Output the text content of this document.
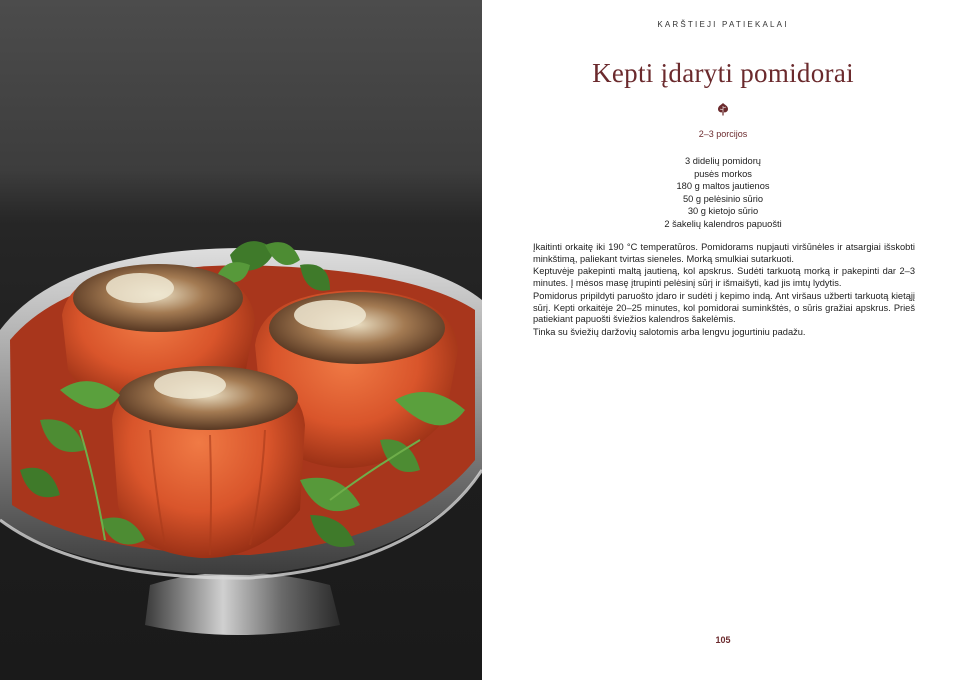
KARŠTIEJI PATIEKALAI
Kepti įdaryti pomidorai
2–3 porcijos
3 didelių pomidorų
pusės morkos
180 g maltos jautienos
50 g pelėsinio sūrio
30 g kietojo sūrio
2 šakelių kalendros papuošti

Įkaitinti orkaitę iki 190 °C temperatūros. Pomidorams nupjauti viršūnėles ir atsargiai išskobti minkštimą, paliekant tvirtas sieneles. Morką smulkiai sutarkuoti.

Keptuvėje pakepinti maltą jautieną, kol apskrus. Sudėti tarkuotą morką ir pakepinti dar 2–3 minutes. Į mėsos masę įtrupinti pelėsinį sūrį ir išmaišyti, kad jis imtų lydytis.

Pomidorus pripildyti paruošto įdaro ir sudėti į kepimo indą. Ant viršaus užberti tarkuotą kietąjį sūrį. Kepti orkaitėje 20–25 minutes, kol pomidorai suminkštės, o sūris gražiai apskrus. Prieš patiekiant papuošti šviežios kalendros šakelėmis.

Tinka su šviežių daržovių salotomis arba lengvu jogurtiniu padažu.

105
